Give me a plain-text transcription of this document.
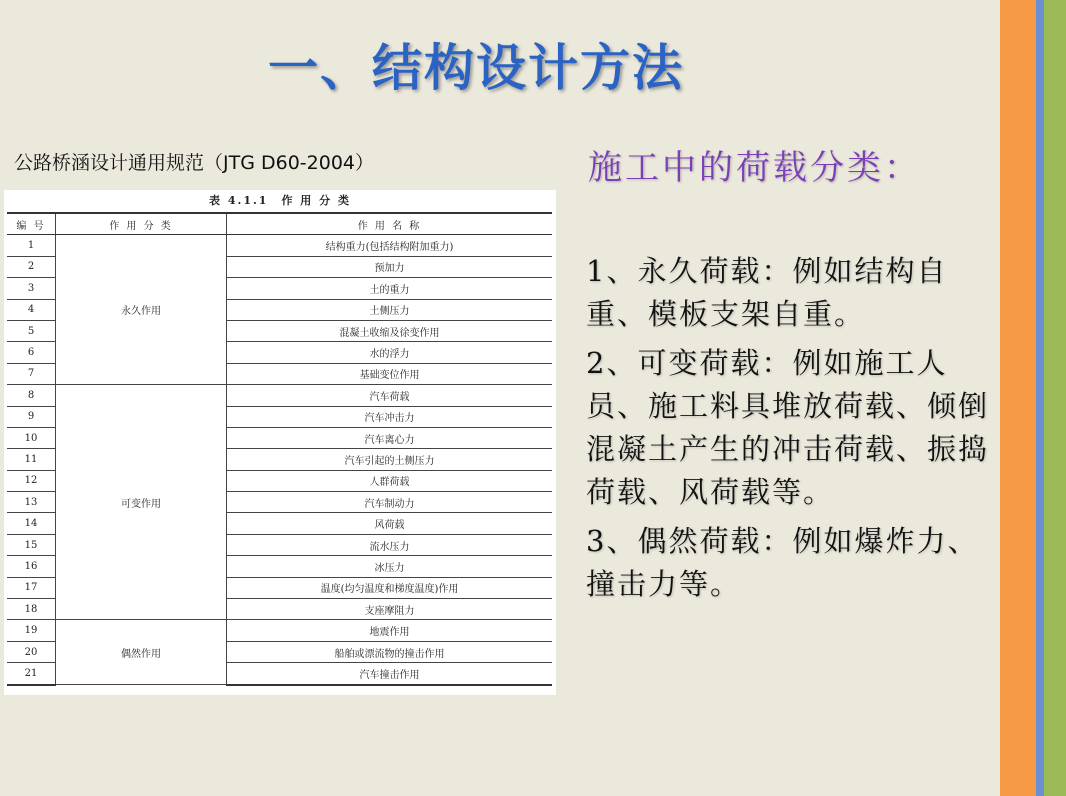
一、结构设计方法
公路桥涵设计通用规范（JTG D60-2004）
表 4.1.1　作 用 分 类
编 号	作 用 分 类	作 用 名 称
1	永久作用	结构重力(包括结构附加重力)
2		预加力
3		土的重力
4		土侧压力
5		混凝土收缩及徐变作用
6		水的浮力
7		基础变位作用
8	可变作用	汽车荷载
9		汽车冲击力
10		汽车离心力
11		汽车引起的土侧压力
12		人群荷载
13		汽车制动力
14		风荷载
15		流水压力
16		冰压力
17		温度(均匀温度和梯度温度)作用
18		支座摩阻力
19	偶然作用	地震作用
20		船舶或漂流物的撞击作用
21		汽车撞击作用
施工中的荷载分类：

1、永久荷载：例如结构自重、模板支架自重。

2、可变荷载：例如施工人员、施工料具堆放荷载、倾倒混凝土产生的冲击荷载、振捣荷载、风荷载等。

3、偶然荷载：例如爆炸力、撞击力等。
